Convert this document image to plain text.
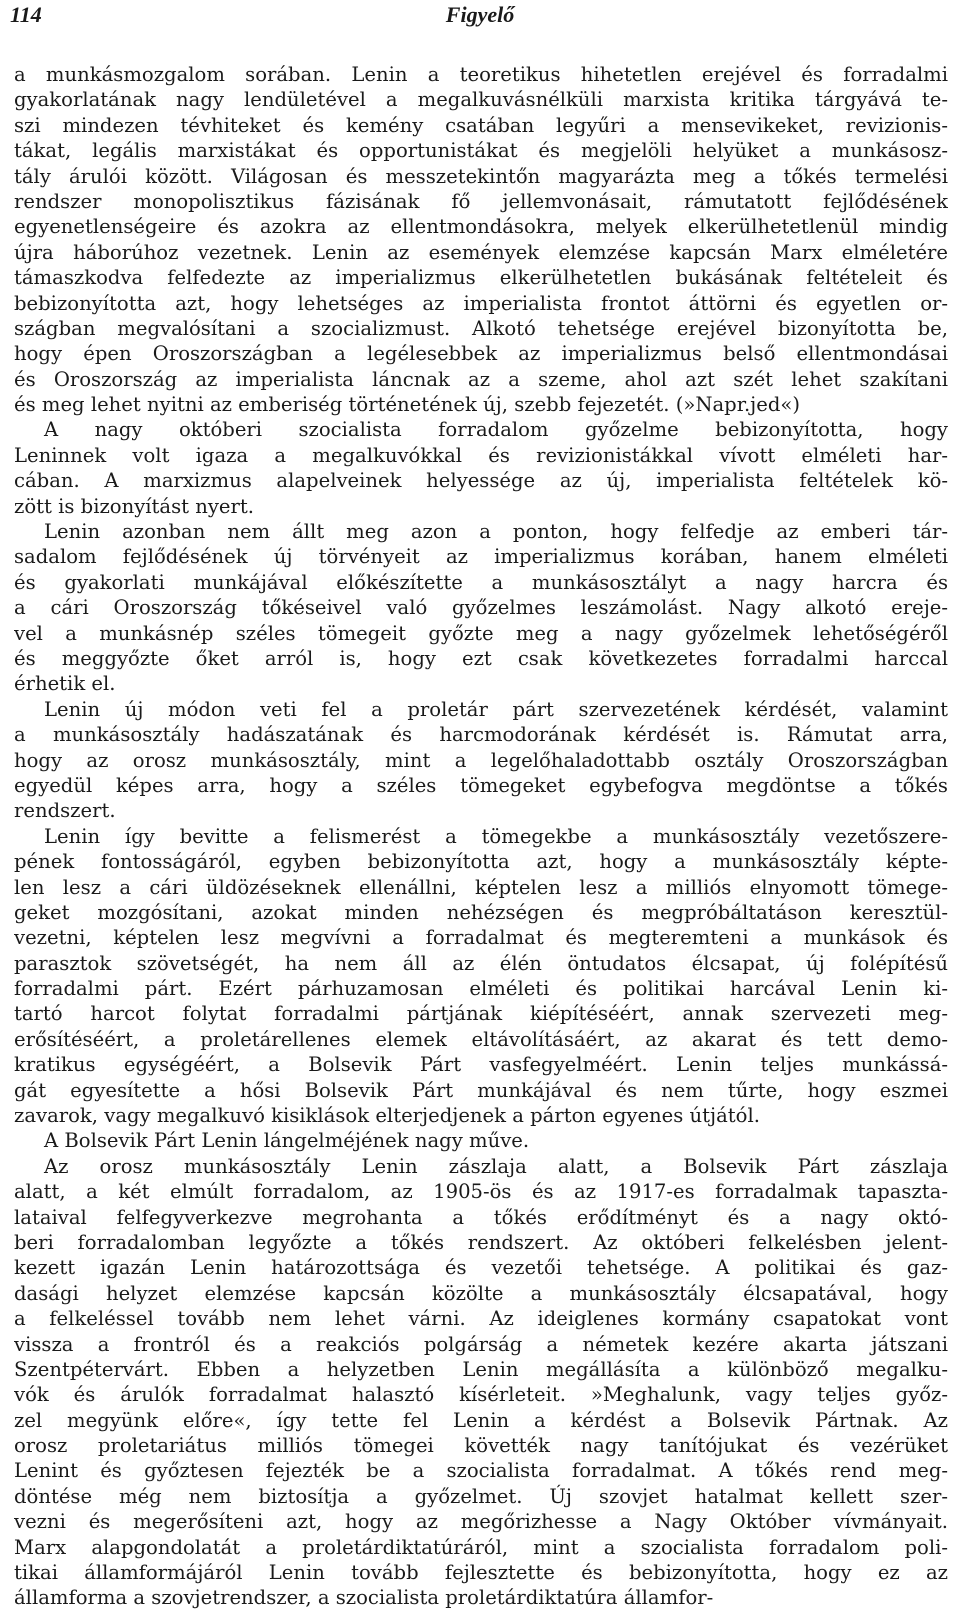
114	Figyelő
a munkásmozgalom sorában. Lenin a teoretikus hihetetlen erejével és forradalmi
gyakorlatának nagy lendületével a megalkuvásnélküli marxista kritika tárgyává te-
szi mindezen tévhiteket és kemény csatában legyűri a mensevikeket, revizionis-
tákat, legális marxistákat és opportunistákat és megjelöli helyüket a munkásosz-
tály árulói között. Világosan és messzetekintőn magyarázta meg a tőkés termelési
rendszer monopolisztikus fázisának fő jellemvonásait, rámutatott fejlődésének
egyenetlenségeire és azokra az ellentmondásokra, melyek elkerülhetetlenül mindig
újra háborúhoz vezetnek. Lenin az események elemzése kapcsán Marx elméletére
támaszkodva felfedezte az imperializmus elkerülhetetlen bukásának feltételeit és
bebizonyította azt, hogy lehetséges az imperialista frontot áttörni és egyetlen or-
szágban megvalósítani a szocializmust. Alkotó tehetsége erejével bizonyította be,
hogy épen Oroszországban a legélesebbek az imperializmus belső ellentmondásai
és Oroszország az imperialista láncnak az a szeme, ahol azt szét lehet szakítani
és meg lehet nyitni az emberiség történetének új, szebb fejezetét. (»Napr.jed«)
A nagy októberi szocialista forradalom győzelme bebizonyította, hogy
Leninnek volt igaza a megalkuvókkal és revizionistákkal vívott elméleti har-
cában. A marxizmus alapelveinek helyessége az új, imperialista feltételek kö-
zött is bizonyítást nyert.
Lenin azonban nem állt meg azon a ponton, hogy felfedje az emberi tár-
sadalom fejlődésének új törvényeit az imperializmus korában, hanem elméleti
és gyakorlati munkájával előkészítette a munkásosztályt a nagy harcra és
a cári Oroszország tőkéseivel való győzelmes leszámolást. Nagy alkotó ereje-
vel a munkásnép széles tömegeit győzte meg a nagy győzelmek lehetőségéről
és meggyőzte őket arról is, hogy ezt csak következetes forradalmi harccal
érhetik el.
Lenin új módon veti fel a proletár párt szervezetének kérdését, valamint
a munkásosztály hadászatának és harcmodorának kérdését is. Rámutat arra,
hogy az orosz munkásosztály, mint a legelőhaladottabb osztály Oroszországban
egyedül képes arra, hogy a széles tömegeket egybefogva megdöntse a tőkés
rendszert.
Lenin így bevitte a felismerést a tömegekbe a munkásosztály vezetőszere-
pének fontosságáról, egyben bebizonyította azt, hogy a munkásosztály képte-
len lesz a cári üldözéseknek ellenállni, képtelen lesz a milliós elnyomott tömege-
geket mozgósítani, azokat minden nehézségen és megpróbáltatáson keresztül-
vezetni, képtelen lesz megvívni a forradalmat és megteremteni a munkások és
parasztok szövetségét, ha nem áll az élén öntudatos élcsapat, új folépítésű
forradalmi párt. Ezért párhuzamosan elméleti és politikai harcával Lenin ki-
tartó harcot folytat forradalmi pártjának kiépítéséért, annak szervezeti meg-
erősítéséért, a proletárellenes elemek eltávolításáért, az akarat és tett demo-
kratikus egységéért, a Bolsevik Párt vasfegyelméért. Lenin teljes munkássá-
gát egyesítette a hősi Bolsevik Párt munkájával és nem tűrte, hogy eszmei
zavarok, vagy megalkuvó kisiklások elterjedjenek a párton egyenes útjától.
A Bolsevik Párt Lenin lángelméjének nagy műve.
Az orosz munkásosztály Lenin zászlaja alatt, a Bolsevik Párt zászlaja
alatt, a két elmúlt forradalom, az 1905-ös és az 1917-es forradalmak tapaszta-
lataival felfegyverkezve megrohanta a tőkés erődítményt és a nagy októ-
beri forradalomban legyőzte a tőkés rendszert. Az októberi felkelésben jelent-
kezett igazán Lenin határozottsága és vezetői tehetsége. A politikai és gaz-
dasági helyzet elemzése kapcsán közölte a munkásosztály élcsapatával, hogy
a felkeléssel tovább nem lehet várni. Az ideiglenes kormány csapatokat vont
vissza a frontról és a reakciós polgárság a németek kezére akarta játszani
Szentpétervárt. Ebben a helyzetben Lenin megállásíta a különböző megalku-
vók és árulók forradalmat halasztó kísérleteit. »Meghalunk, vagy teljes győz-
zel megyünk előre«, így tette fel Lenin a kérdést a Bolsevik Pártnak. Az
orosz proletariátus milliós tömegei követték nagy tanítójukat és vezérüket
Lenint és győztesen fejezték be a szocialista forradalmat. A tőkés rend meg-
döntése még nem biztosítja a győzelmet. Új szovjet hatalmat kellett szer-
vezni és megerősíteni azt, hogy az megőrizhesse a Nagy Október vívmányait.
Marx alapgondolatát a proletárdiktatúráról, mint a szocialista forradalom poli-
tikai államformájáról Lenin tovább fejlesztette és bebizonyította, hogy ez az
államforma a szovjetrendszer, a szocialista proletárdiktatúra államfor-
